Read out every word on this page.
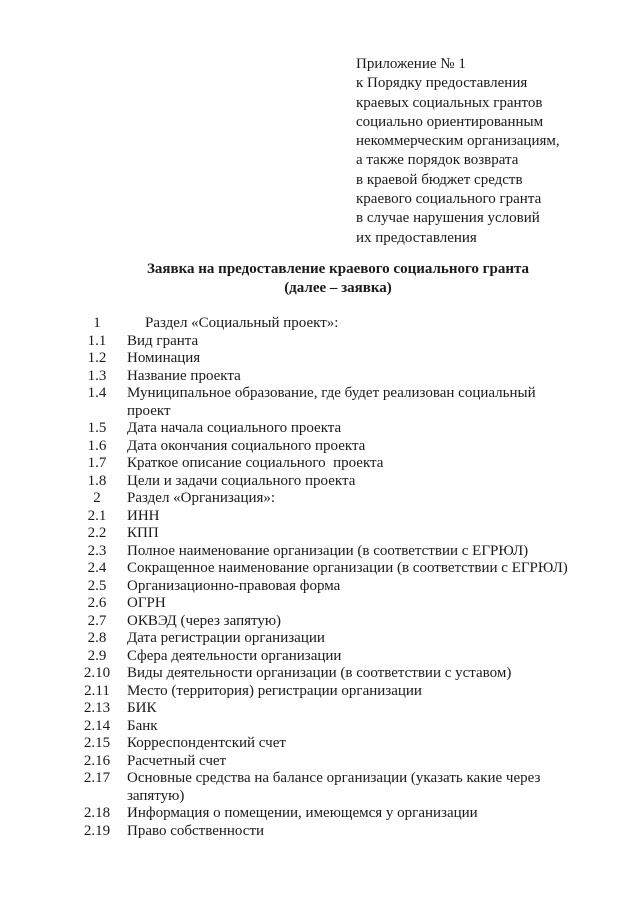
Приложение № 1
к Порядку предоставления
краевых социальных грантов
социально ориентированным
некоммерческим организациям,
а также порядок возврата
в краевой бюджет средств
краевого социального гранта
в случае нарушения условий
их предоставления
Заявка на предоставление краевого социального гранта
(далее – заявка)
1	Раздел «Социальный проект»:
1.1	Вид гранта
1.2	Номинация
1.3	Название проекта
1.4	Муниципальное образование, где будет реализован социальный проект
1.5	Дата начала социального проекта
1.6	Дата окончания социального проекта
1.7	Краткое описание социального  проекта
1.8	Цели и задачи социального проекта
2	Раздел «Организация»:
2.1	ИНН
2.2	КПП
2.3	Полное наименование организации (в соответствии с ЕГРЮЛ)
2.4	Сокращенное наименование организации (в соответствии с ЕГРЮЛ)
2.5	Организационно-правовая форма
2.6	ОГРН
2.7	ОКВЭД (через запятую)
2.8	Дата регистрации организации
2.9	Сфера деятельности организации
2.10	Виды деятельности организации (в соответствии с уставом)
2.11	Место (территория) регистрации организации
2.13	БИК
2.14	Банк
2.15	Корреспондентский счет
2.16	Расчетный счет
2.17	Основные средства на балансе организации (указать какие через запятую)
2.18	Информация о помещении, имеющемся у организации
2.19	Право собственности
